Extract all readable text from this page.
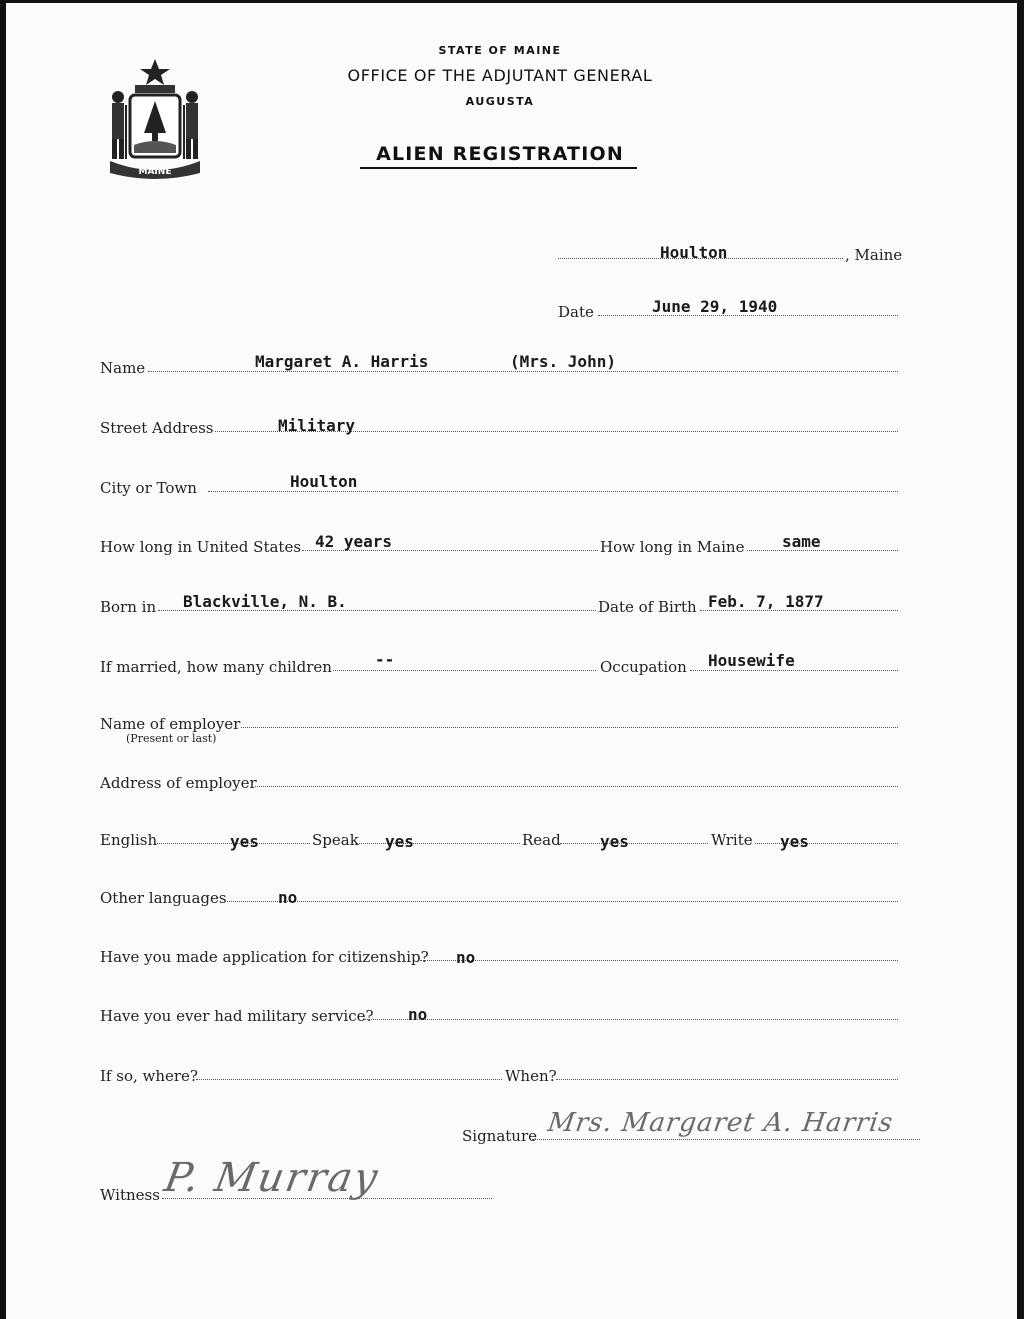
MAINE
STATE OF MAINE
OFFICE OF THE ADJUTANT GENERAL
AUGUSTA
ALIEN REGISTRATION
Houlton	, Maine
Date	June 29, 1940
Name	Margaret A. Harris	(Mrs. John)
Street Address	Military
City or Town	Houlton
How long in United States 42 years	How long in Maine same
Born in Blackville, N. B.	Date of Birth Feb. 7, 1877
If married, how many children	--	Occupation Housewife
Name of employer
(Present or last)
Address of employer
English	yes	Speak yes	Read yes	Write yes
Other languages	no
Have you made application for citizenship? no
Have you ever had military service? no
If so, where?	When?
Signature Mrs. Margaret A. Harris
Witness P. Murray
